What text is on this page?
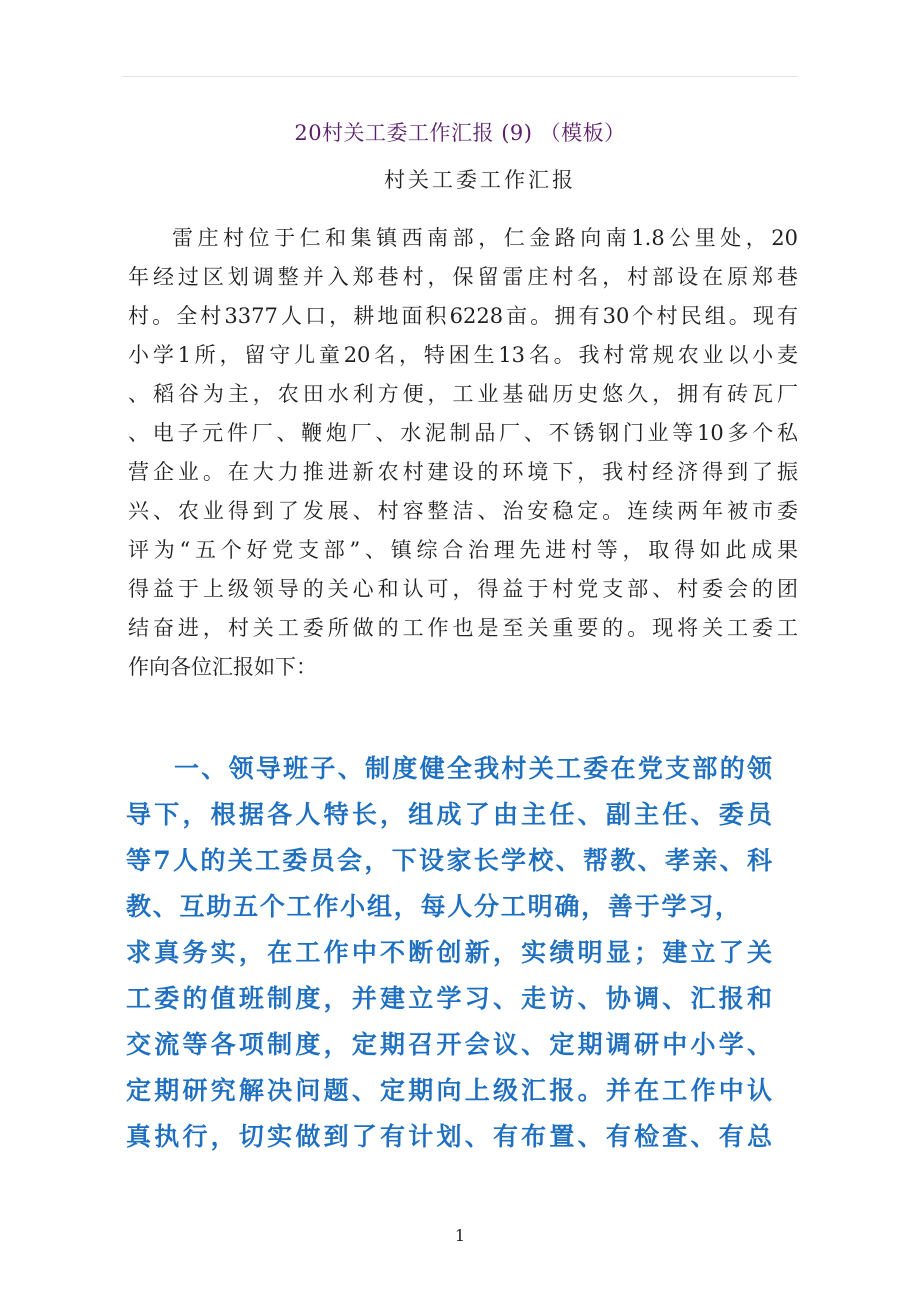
20村关工委工作汇报 (9) （模板）
村关工委工作汇报
雷庄村位于仁和集镇西南部，仁金路向南1.8公里处，20
年经过区划调整并入郑巷村，保留雷庄村名，村部设在原郑巷
村。全村3377人口，耕地面积6228亩。拥有30个村民组。现有
小学1所，留守儿童20名，特困生13名。我村常规农业以小麦
、稻谷为主，农田水利方便，工业基础历史悠久，拥有砖瓦厂
、电子元件厂、鞭炮厂、水泥制品厂、不锈钢门业等10多个私
营企业。在大力推进新农村建设的环境下，我村经济得到了振
兴、农业得到了发展、村容整洁、治安稳定。连续两年被市委
评为“五个好党支部”、镇综合治理先进村等，取得如此成果
得益于上级领导的关心和认可，得益于村党支部、村委会的团
结奋进，村关工委所做的工作也是至关重要的。现将关工委工
作向各位汇报如下：
一、领导班子、制度健全我村关工委在党支部的领
导下，根据各人特长，组成了由主任、副主任、委员
等7人的关工委员会，下设家长学校、帮教、孝亲、科
教、互助五个工作小组，每人分工明确，善于学习，
求真务实，在工作中不断创新，实绩明显；建立了关
工委的值班制度，并建立学习、走访、协调、汇报和
交流等各项制度，定期召开会议、定期调研中小学、
定期研究解决问题、定期向上级汇报。并在工作中认
真执行，切实做到了有计划、有布置、有检查、有总
1
